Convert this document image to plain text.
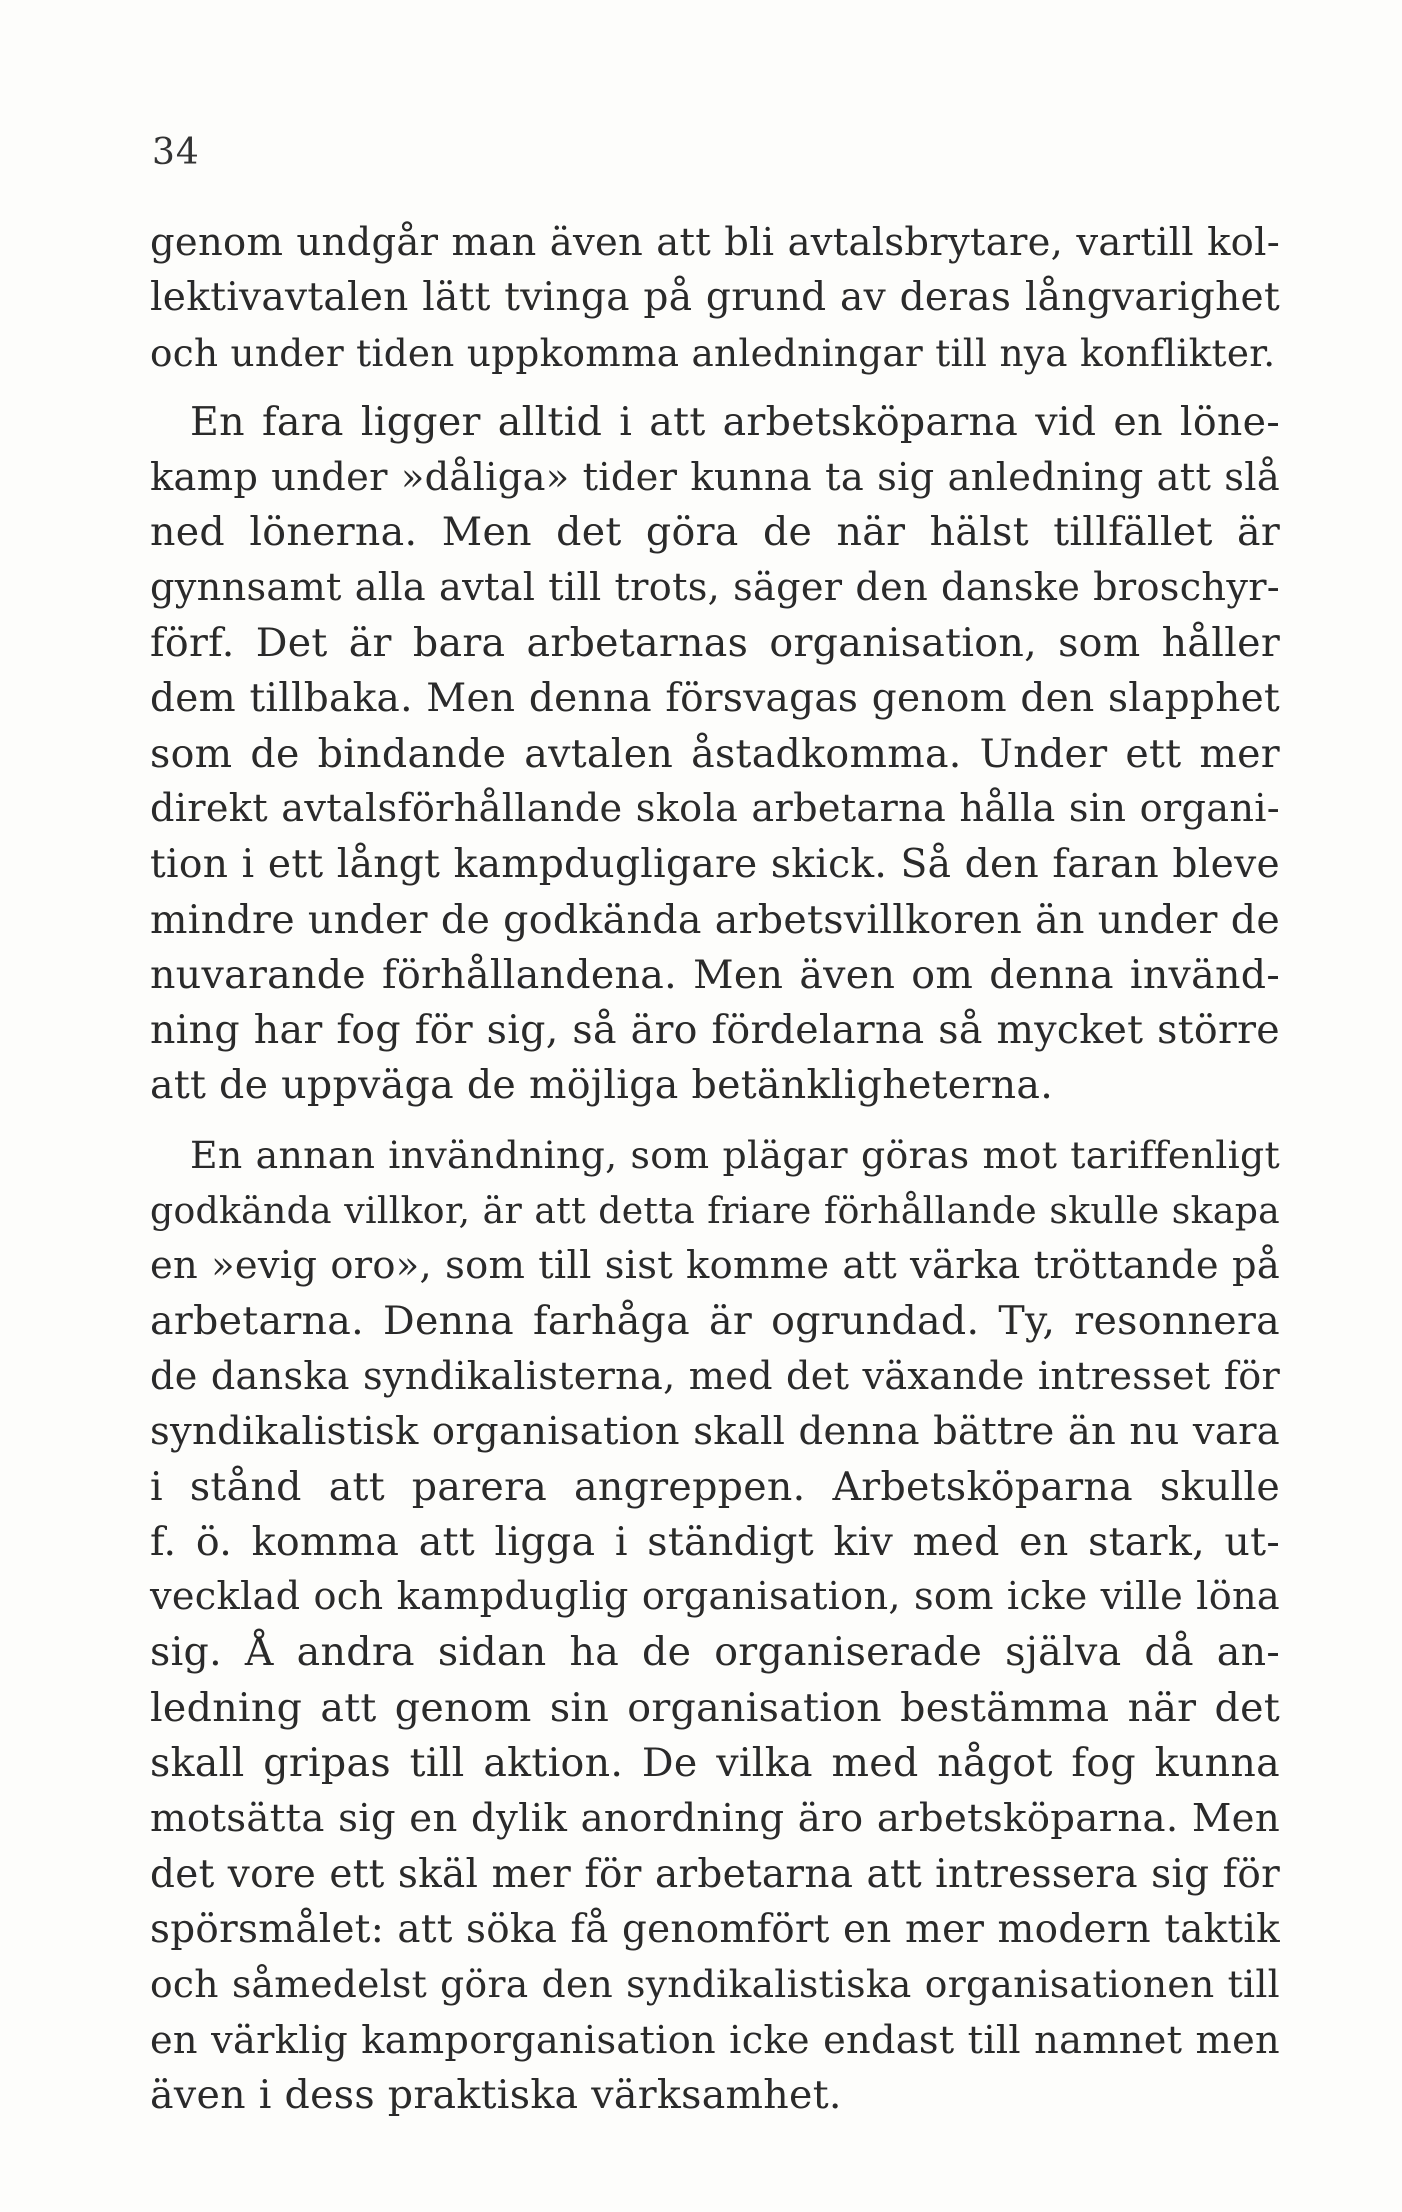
34
genom undgår man även att bli avtalsbrytare, vartill kol-
lektivavtalen lätt tvinga på grund av deras långvarighet
och under tiden uppkomma anledningar till nya konflikter.
En fara ligger alltid i att arbetsköparna vid en löne-
kamp under »dåliga» tider kunna ta sig anledning att slå
ned lönerna. Men det göra de när hälst tillfället är
gynnsamt alla avtal till trots, säger den danske broschyr-
förf. Det är bara arbetarnas organisation, som håller
dem tillbaka. Men denna försvagas genom den slapphet
som de bindande avtalen åstadkomma. Under ett mer
direkt avtalsförhållande skola arbetarna hålla sin organi-
tion i ett långt kampdugligare skick. Så den faran bleve
mindre under de godkända arbetsvillkoren än under de
nuvarande förhållandena. Men även om denna invänd-
ning har fog för sig, så äro fördelarna så mycket större
att de uppväga de möjliga betänkligheterna.
En annan invändning, som plägar göras mot tariffenligt
godkända villkor, är att detta friare förhållande skulle skapa
en »evig oro», som till sist komme att värka tröttande på
arbetarna. Denna farhåga är ogrundad. Ty, resonnera
de danska syndikalisterna, med det växande intresset för
syndikalistisk organisation skall denna bättre än nu vara
i stånd att parera angreppen. Arbetsköparna skulle
f. ö. komma att ligga i ständigt kiv med en stark, ut-
vecklad och kampduglig organisation, som icke ville löna
sig. Å andra sidan ha de organiserade själva då an-
ledning att genom sin organisation bestämma när det
skall gripas till aktion. De vilka med något fog kunna
motsätta sig en dylik anordning äro arbetsköparna. Men
det vore ett skäl mer för arbetarna att intressera sig för
spörsmålet: att söka få genomfört en mer modern taktik
och såmedelst göra den syndikalistiska organisationen till
en värklig kamporganisation icke endast till namnet men
även i dess praktiska värksamhet.
